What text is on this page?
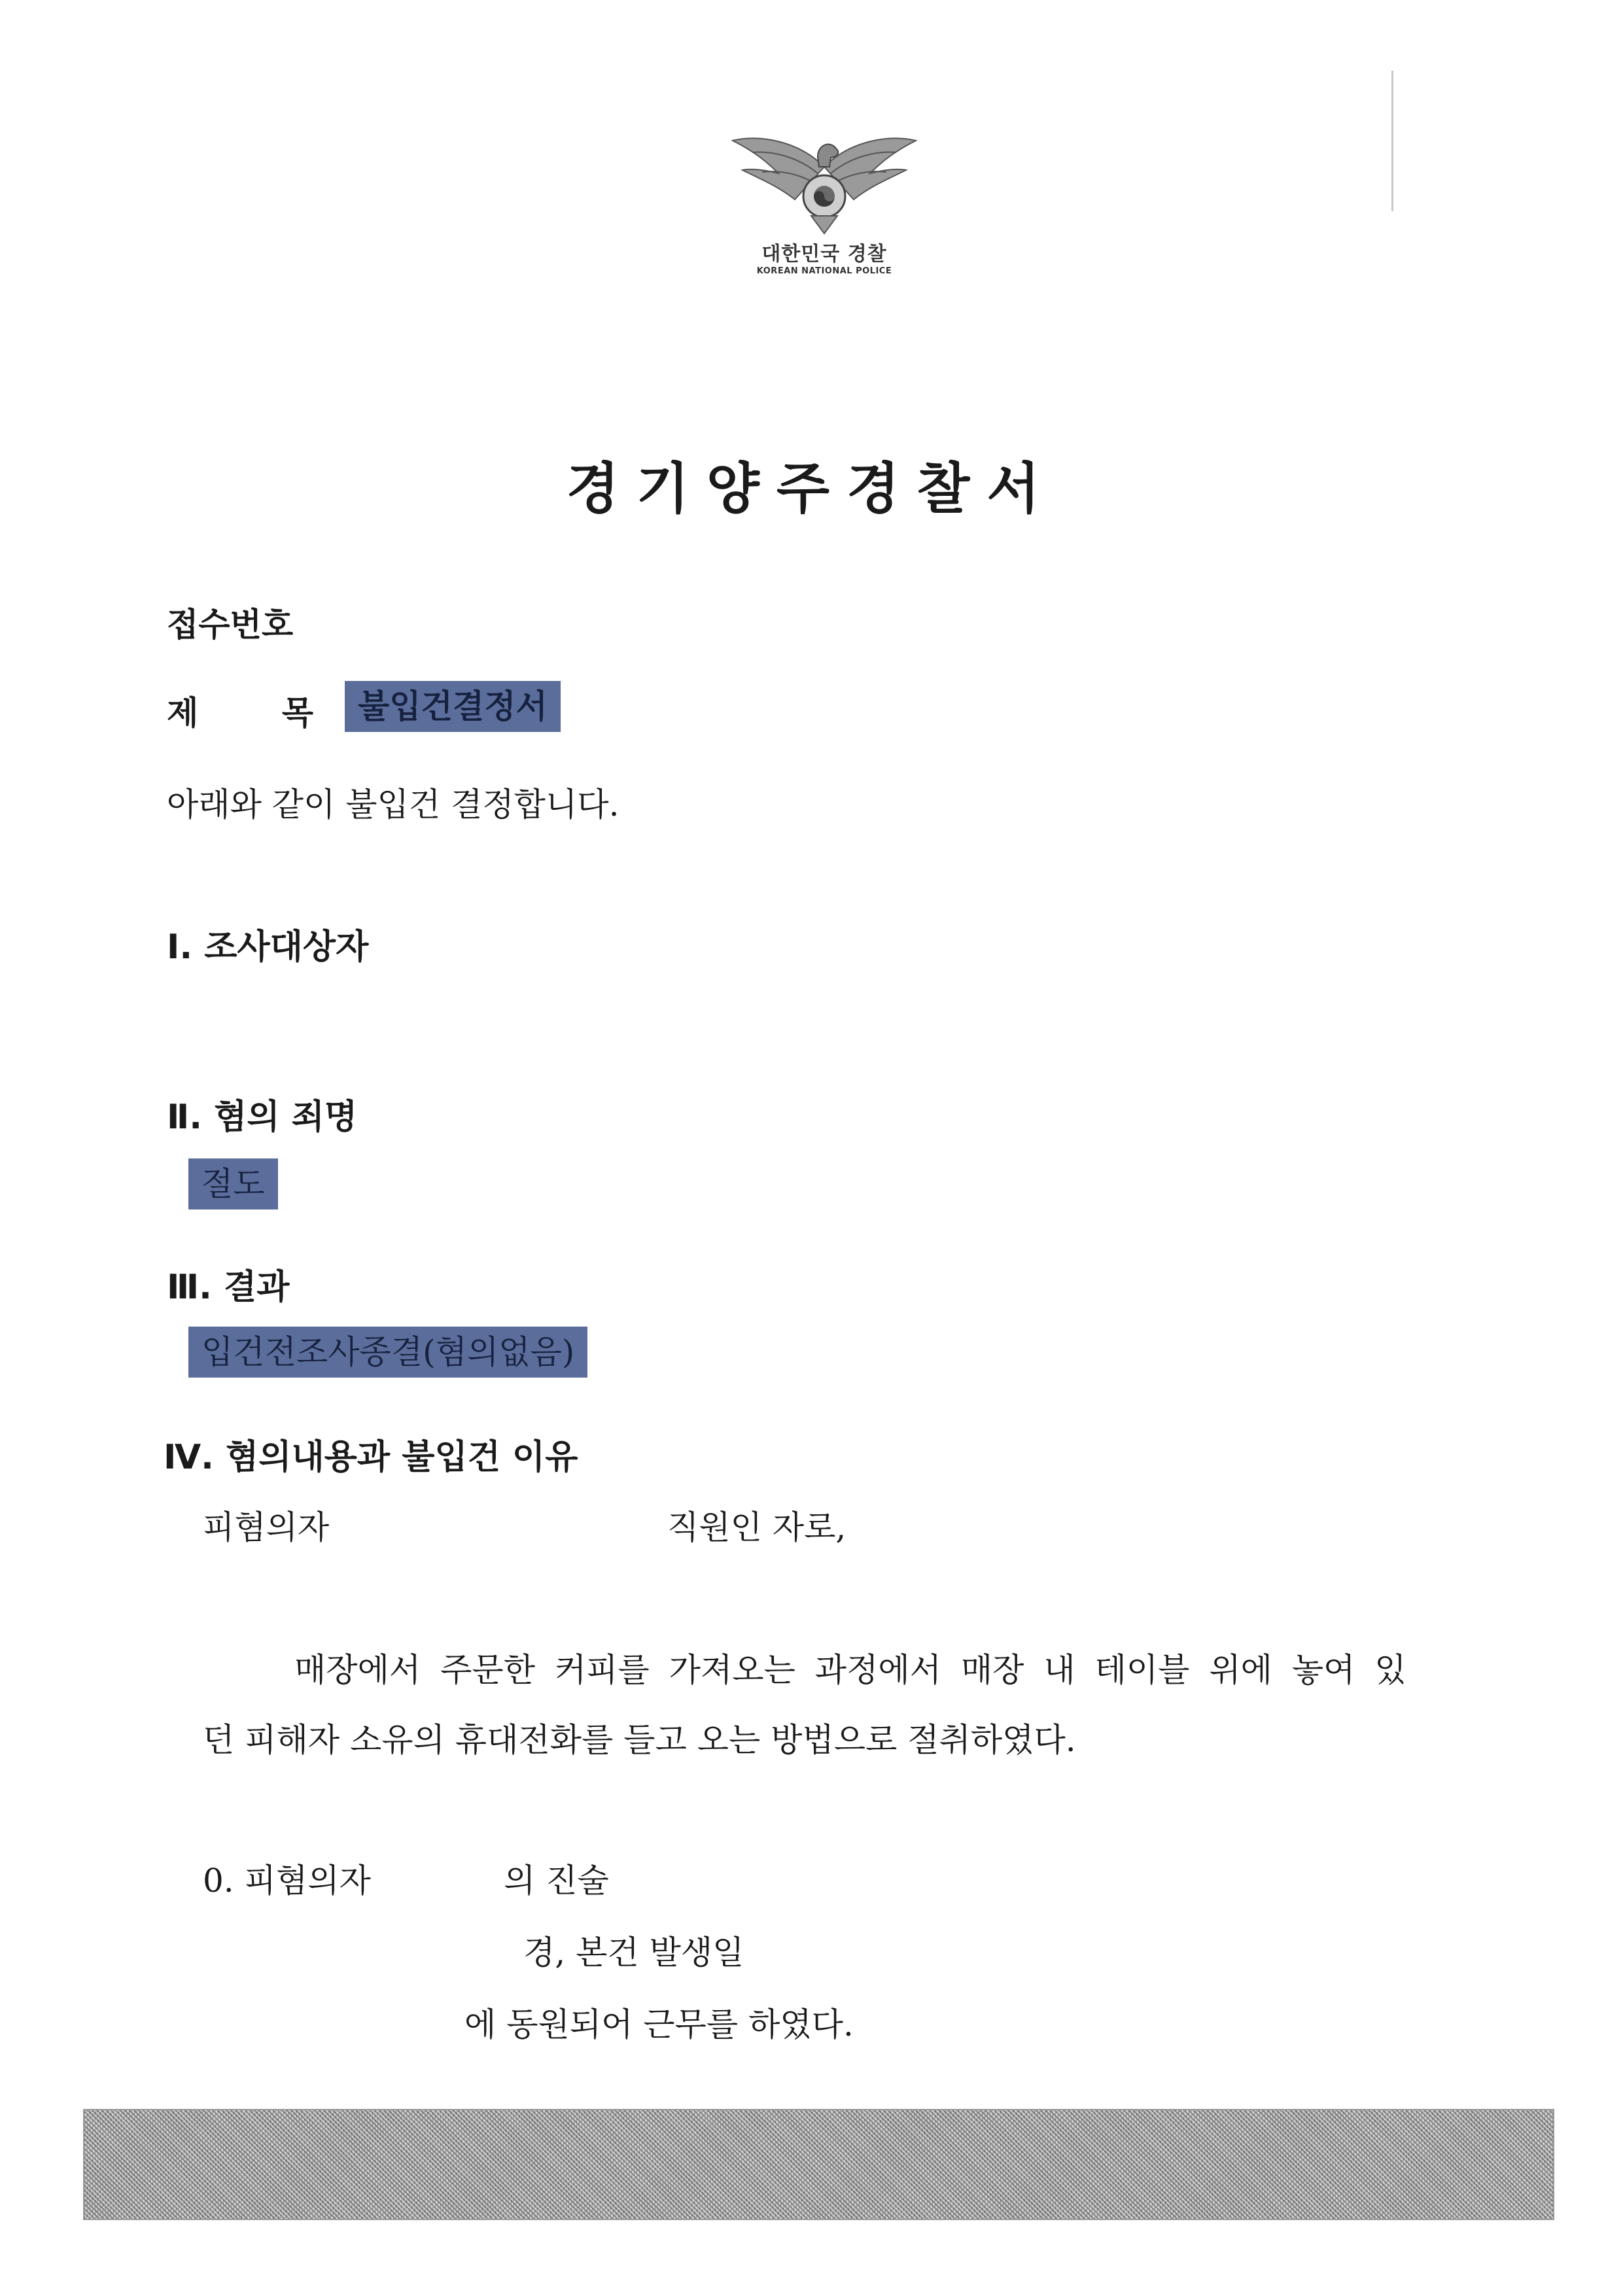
대한민국 경찰
KOREAN NATIONAL POLICE
경기양주경찰서
접수번호
제 목	불입건결정서
아래와 같이 불입건 결정합니다.
Ⅰ. 조사대상자
Ⅱ. 혐의 죄명
절도
Ⅲ. 결과
입건전조사종결(혐의없음)
Ⅳ. 혐의내용과 불입건 이유
피혐의자	직원인 자로,
매장에서 주문한 커피를 가져오는 과정에서 매장 내 테이블 위에 놓여 있
던 피해자 소유의 휴대전화를 들고 오는 방법으로 절취하였다.
0. 피혐의자	의 진술
경, 본건 발생일
에 동원되어 근무를 하였다.
